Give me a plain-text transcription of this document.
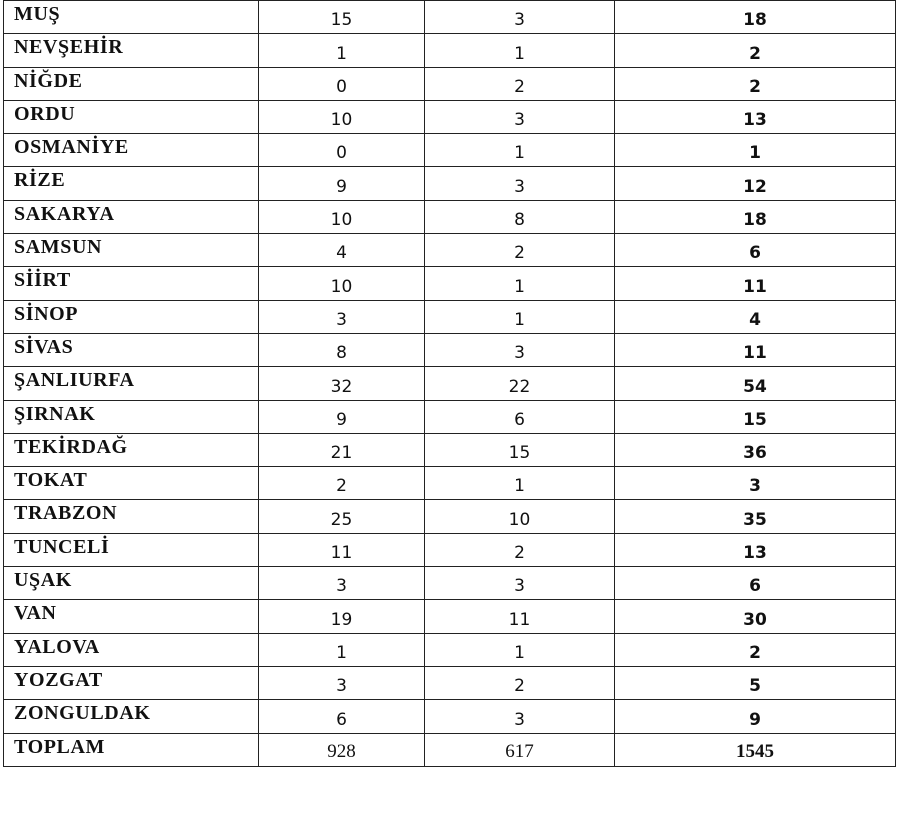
MUŞ	15	3	18
NEVŞEHİR	1	1	2
NİĞDE	0	2	2
ORDU	10	3	13
OSMANİYE	0	1	1
RİZE	9	3	12
SAKARYA	10	8	18
SAMSUN	4	2	6
SİİRT	10	1	11
SİNOP	3	1	4
SİVAS	8	3	11
ŞANLIURFA	32	22	54
ŞIRNAK	9	6	15
TEKİRDAĞ	21	15	36
TOKAT	2	1	3
TRABZON	25	10	35
TUNCELİ	11	2	13
UŞAK	3	3	6
VAN	19	11	30
YALOVA	1	1	2
YOZGAT	3	2	5
ZONGULDAK	6	3	9
TOPLAM	928	617	1545
